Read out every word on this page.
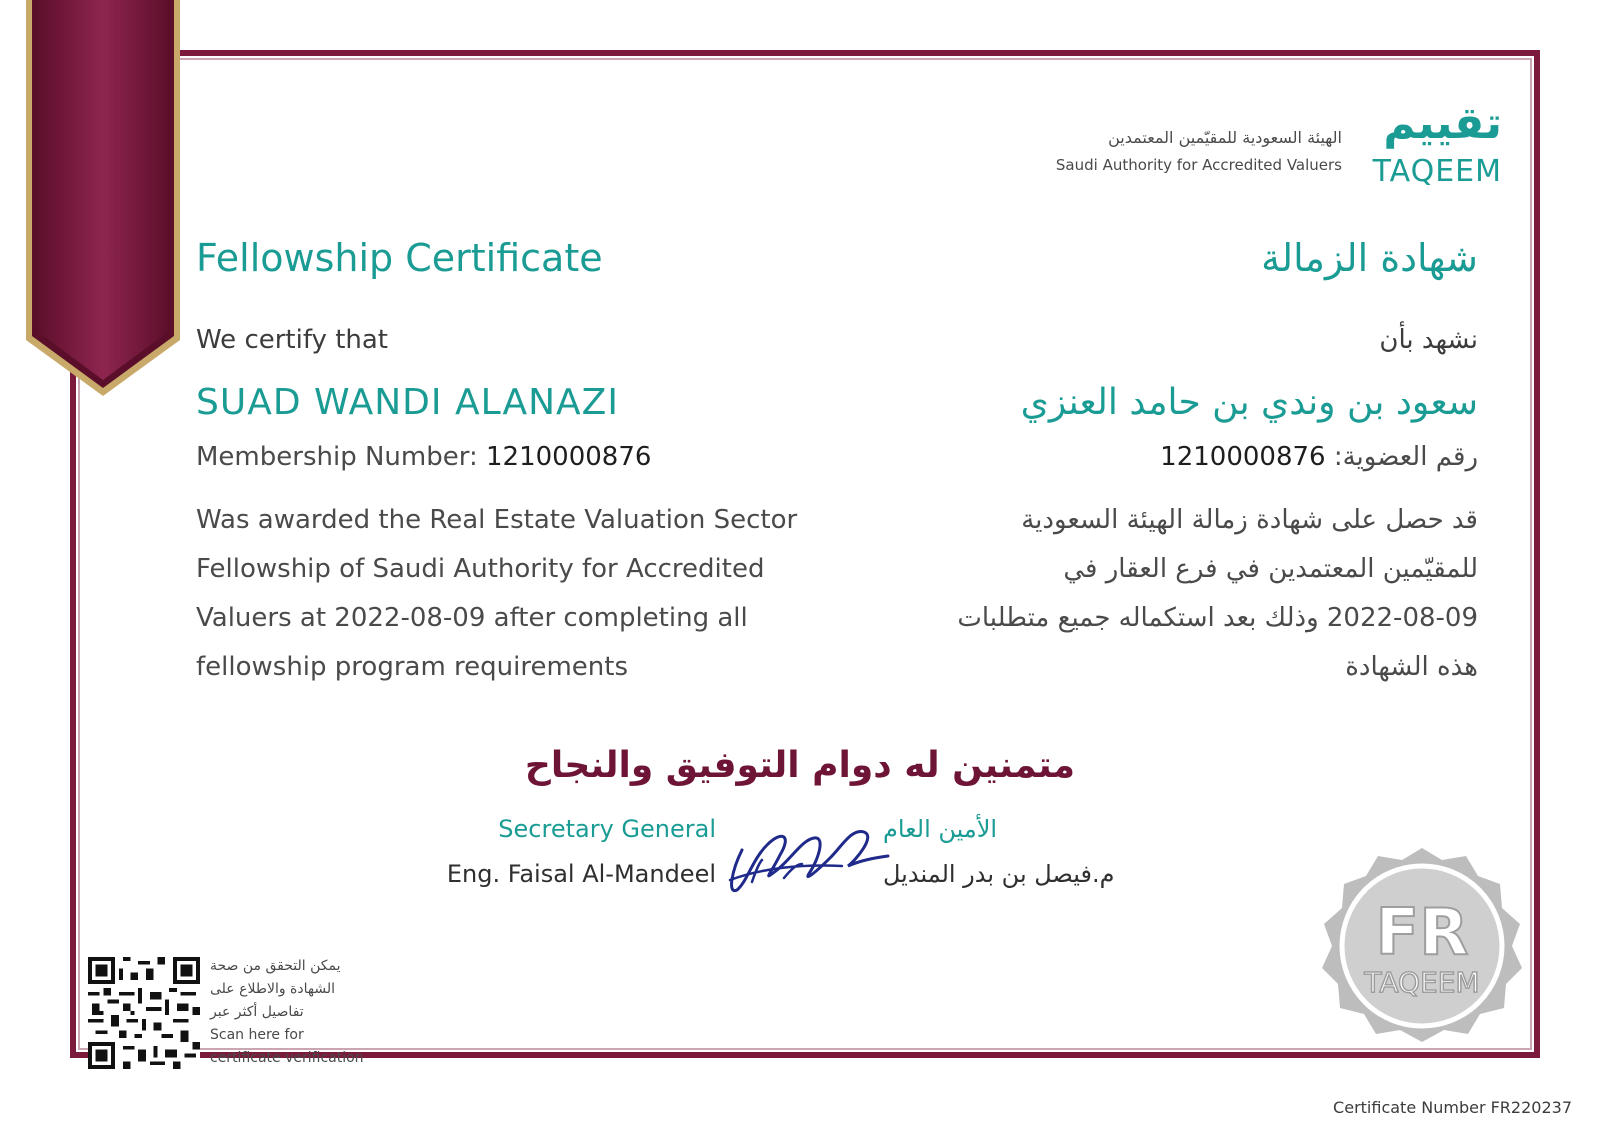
الهيئة السعودية للمقيّمين المعتمدين
Saudi Authority for Accredited Valuers
تقييم
TAQEEM
Fellowship Certificate
We certify that
SUAD WANDI ALANAZI
Membership Number: 1210000876
Was awarded the Real Estate Valuation Sector
Fellowship of Saudi Authority for Accredited
Valuers at 2022-08-09 after completing all
fellowship program requirements
شهادة الزمالة
نشهد بأن
سعود بن وندي بن حامد العنزي
رقم العضوية: 1210000876
قد حصل على شهادة زمالة الهيئة السعودية
للمقيّمين المعتمدين في فرع العقار في
2022-08-09 وذلك بعد استكماله جميع متطلبات
هذه الشهادة
متمنين له دوام التوفيق والنجاح
Secretary General	الأمين العام
Eng. Faisal Al-Mandeel	م.فيصل بن بدر المنديل
FR
TAQEEM
يمكن التحقق من صحة
الشهادة والاطلاع على
تفاصيل أكثر عبر
Scan here for
certificate verification
Certificate Number FR220237
